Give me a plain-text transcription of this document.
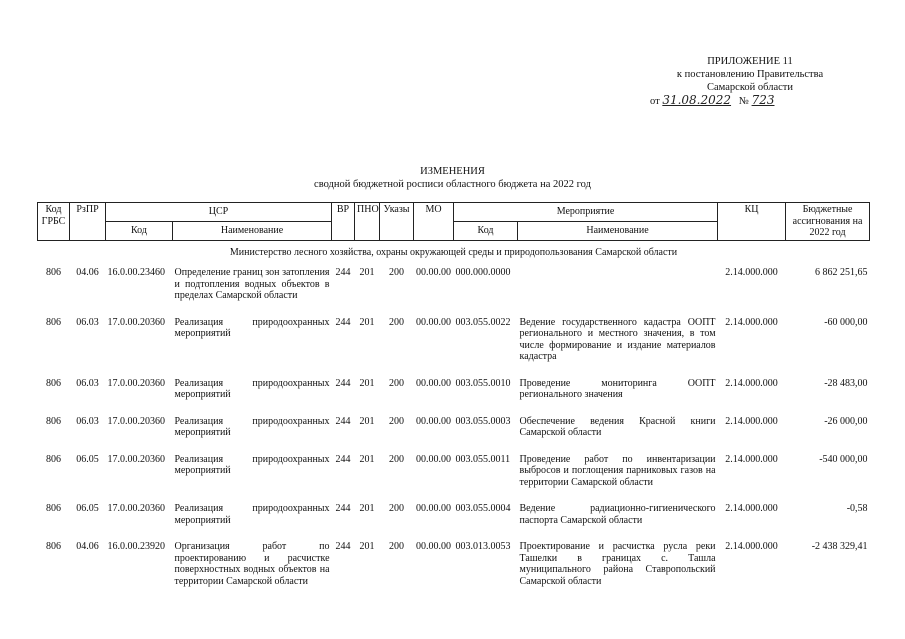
ПРИЛОЖЕНИЕ 11
к постановлению Правительства
Самарской области
от 31.08.2022 № 723
ИЗМЕНЕНИЯ
сводной бюджетной росписи областного бюджета на 2022 год
Код ГРБС	РзПР	ЦСР		ВР	ПНО	Указы	МО	Мероприятие		КЦ	Бюджетные ассигнования на 2022 год
		Код	Наименование					Код	Наименование		
Министерство лесного хозяйства, охраны окружающей среды и природопользования Самарской области											
806	04.06	16.0.00.23460	Определение границ зон затопления и подтопления водных объектов в пределах Самарской области	244	201	200	00.00.00	000.000.0000		2.14.000.000	6 862 251,65
806	06.03	17.0.00.20360	Реализация природоохранных мероприятий	244	201	200	00.00.00	003.055.0022	Ведение государственного кадастра ООПТ регионального и местного значения, в том числе формирование и издание материалов кадастра	2.14.000.000	-60 000,00
806	06.03	17.0.00.20360	Реализация природоохранных мероприятий	244	201	200	00.00.00	003.055.0010	Проведение мониторинга ООПТ регионального значения	2.14.000.000	-28 483,00
806	06.03	17.0.00.20360	Реализация природоохранных мероприятий	244	201	200	00.00.00	003.055.0003	Обеспечение ведения Красной книги Самарской области	2.14.000.000	-26 000,00
806	06.05	17.0.00.20360	Реализация природоохранных мероприятий	244	201	200	00.00.00	003.055.0011	Проведение работ по инвентаризации выбросов и поглощения парниковых газов на территории Самарской области	2.14.000.000	-540 000,00
806	06.05	17.0.00.20360	Реализация природоохранных мероприятий	244	201	200	00.00.00	003.055.0004	Ведение радиационно-гигиенического паспорта Самарской области	2.14.000.000	-0,58
806	04.06	16.0.00.23920	Организация работ по проектированию и расчистке поверхностных водных объектов на территории Самарской области	244	201	200	00.00.00	003.013.0053	Проектирование и расчистка русла реки Ташелки в границах с. Ташла муниципального района Ставропольский Самарской области	2.14.000.000	-2 438 329,41
